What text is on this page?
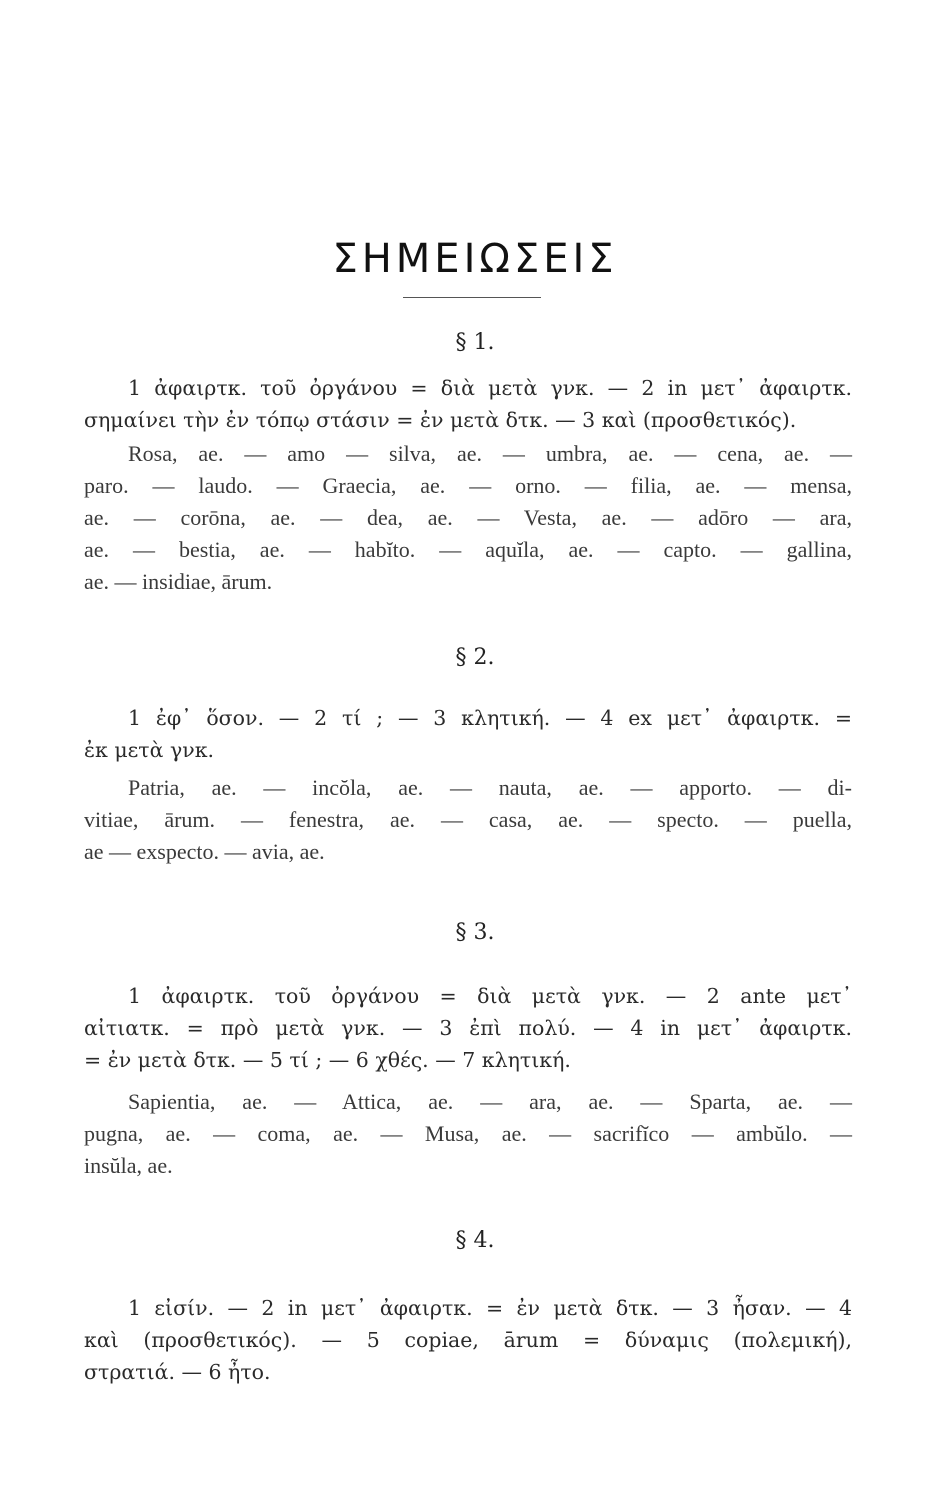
ΣΗΜΕΙΩΣΕΙΣ
§ 1.
1 ἀφαιρτκ. τοῦ ὀργάνου = διὰ μετὰ γνκ. — 2 in μετ᾽ ἀφαιρτκ.
σημαίνει τὴν ἐν τόπῳ στάσιν = ἐν μετὰ δτκ. — 3 καὶ (προσθετικός).
Rosa, ae. — amo — silva, ae. — umbra, ae. — cena, ae. —
paro. — laudo. — Graecia, ae. — orno. — filia, ae. — mensa,
ae. — corōna, ae. — dea, ae. — Vesta, ae. — adōro — ara,
ae. — bestia, ae. — habĭto. — aquĭla, ae. — capto. — gallina,
ae. — insidiae, ārum.
§ 2.
1 ἐφ᾽ ὅσον. — 2 τί ; — 3 κλητική. — 4 ex μετ᾽ ἀφαιρτκ. =
ἐκ μετὰ γνκ.
Patria, ae. — incŏla, ae. — nauta, ae. — apporto. — di-
vitiae, ārum. — fenestra, ae. — casa, ae. — specto. — puella,
ae — exspecto. — avia, ae.
§ 3.
1 ἀφαιρτκ. τοῦ ὀργάνου = διὰ μετὰ γνκ. — 2 ante μετ᾽
αἰτιατκ. = πρὸ μετὰ γνκ. — 3 ἐπὶ πολύ. — 4 in μετ᾽ ἀφαιρτκ.
= ἐν μετὰ δτκ. — 5 τί ; — 6 χθές. — 7 κλητική.
Sapientia, ae. — Attica, ae. — ara, ae. — Sparta, ae. —
pugna, ae. — coma, ae. — Musa, ae. — sacrifĭco — ambŭlo. —
insŭla, ae.
§ 4.
1 εἰσίν. — 2 in μετ᾽ ἀφαιρτκ. = ἐν μετὰ δτκ. — 3 ἦσαν. — 4
καὶ (προσθετικός). — 5 copiae, ārum = δύναμις (πολεμική),
στρατιά. — 6 ἦτο.
